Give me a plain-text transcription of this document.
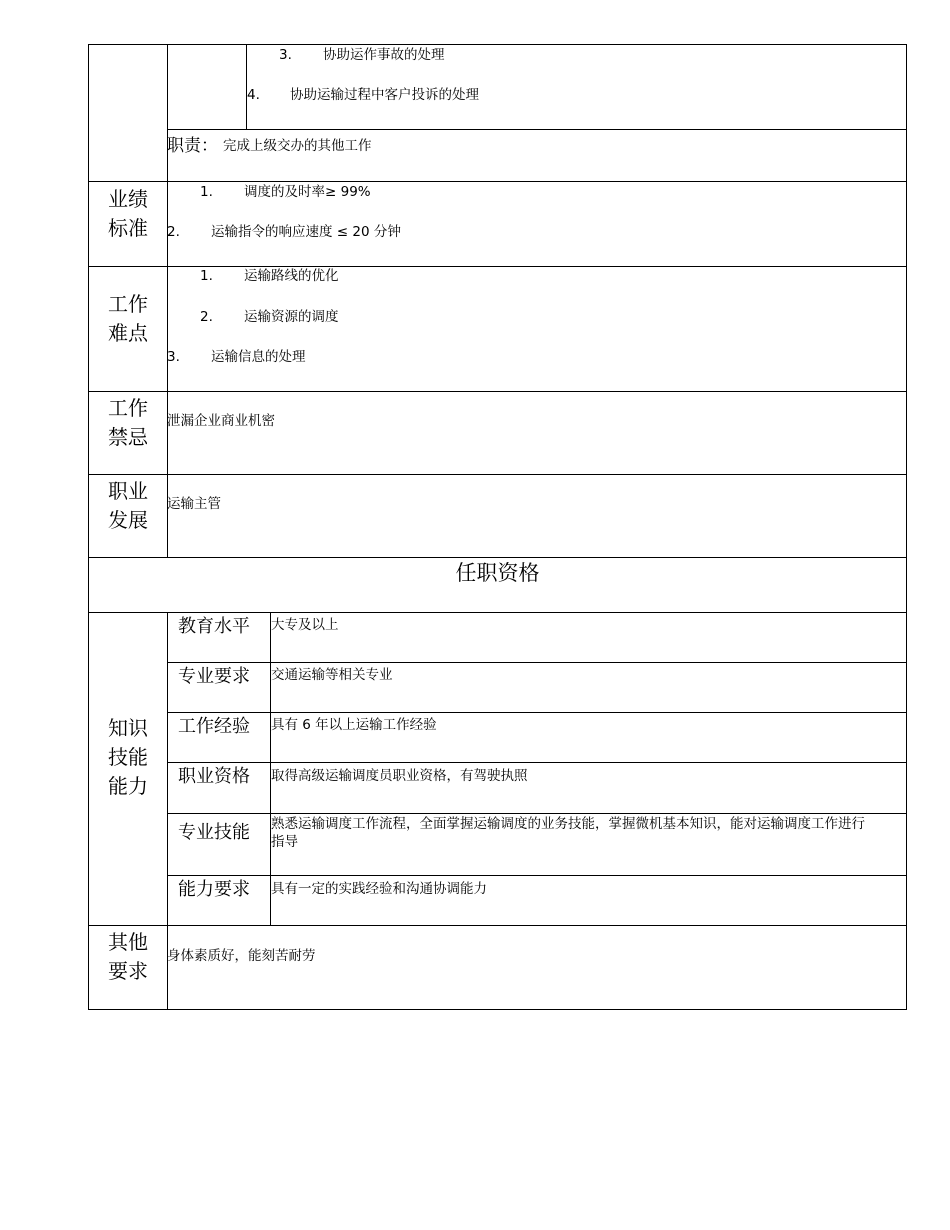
3. 协助运作事故的处理
4. 协助运输过程中客户投诉的处理
职责： 完成上级交办的其他工作
业绩
标准
1. 调度的及时率≥ 99%
2. 运输指令的响应速度 ≤ 20 分钟
工作
难点
1. 运输路线的优化
2. 运输资源的调度
3. 运输信息的处理
工作
禁忌
泄漏企业商业机密
职业
发展
运输主管
任职资格
知识
技能
能力
教育水平 大专及以上
专业要求 交通运输等相关专业
工作经验 具有 6 年以上运输工作经验
职业资格 取得高级运输调度员职业资格，有驾驶执照
专业技能 熟悉运输调度工作流程，全面掌握运输调度的业务技能，掌握微机基本知识，能对运输调度工作进行
指导
能力要求 具有一定的实践经验和沟通协调能力
其他
要求
身体素质好，能刻苦耐劳
